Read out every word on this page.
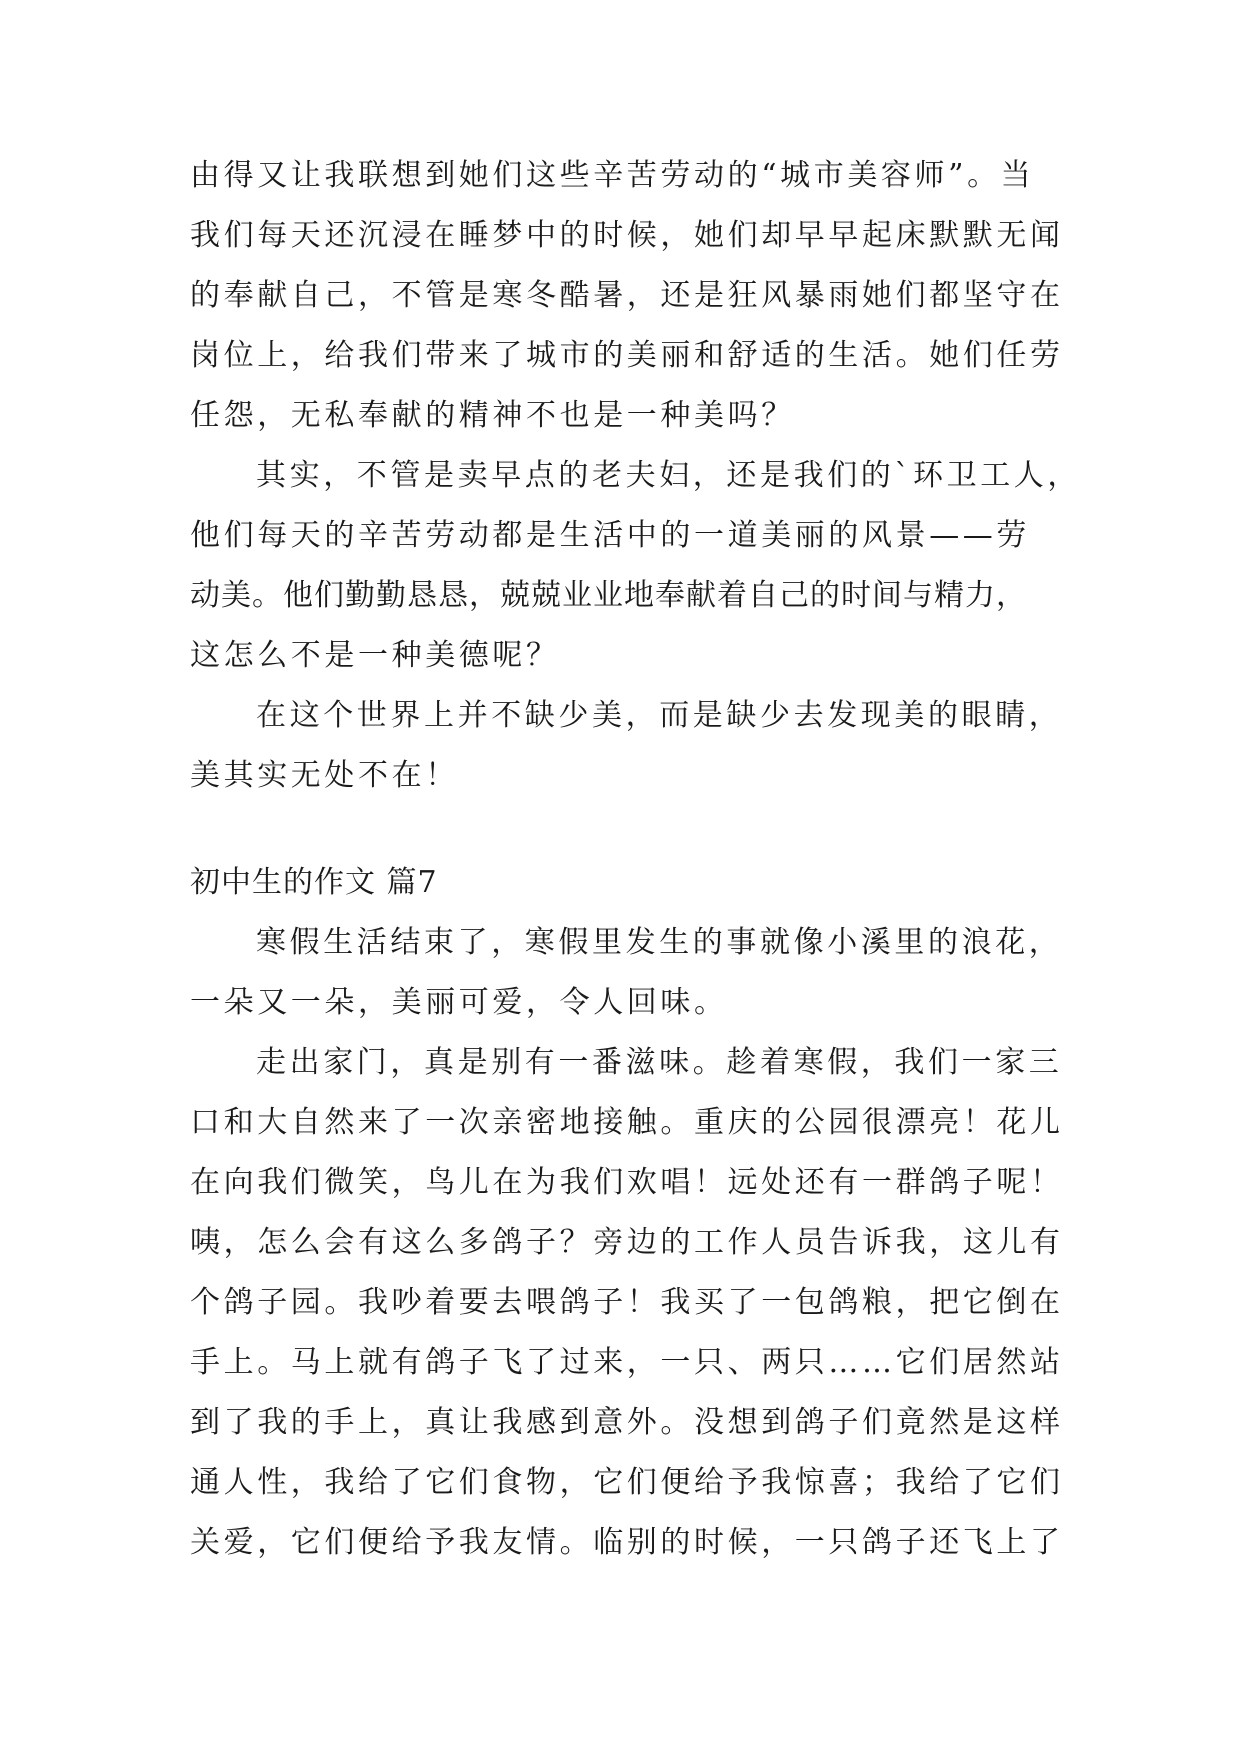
由得又让我联想到她们这些辛苦劳动的“城市美容师”。当
我们每天还沉浸在睡梦中的时候，她们却早早起床默默无闻
的奉献自己，不管是寒冬酷暑，还是狂风暴雨她们都坚守在
岗位上，给我们带来了城市的美丽和舒适的生活。她们任劳
任怨，无私奉献的精神不也是一种美吗？
其实，不管是卖早点的老夫妇，还是我们的`环卫工人，
他们每天的辛苦劳动都是生活中的一道美丽的风景——劳
动美。他们勤勤恳恳，兢兢业业地奉献着自己的时间与精力，
这怎么不是一种美德呢？
在这个世界上并不缺少美，而是缺少去发现美的眼睛，
美其实无处不在！
初中生的作文 篇7
寒假生活结束了，寒假里发生的事就像小溪里的浪花，
一朵又一朵，美丽可爱，令人回味。
走出家门，真是别有一番滋味。趁着寒假，我们一家三
口和大自然来了一次亲密地接触。重庆的公园很漂亮！花儿
在向我们微笑，鸟儿在为我们欢唱！远处还有一群鸽子呢！
咦，怎么会有这么多鸽子？旁边的工作人员告诉我，这儿有
个鸽子园。我吵着要去喂鸽子！我买了一包鸽粮，把它倒在
手上。马上就有鸽子飞了过来，一只、两只……它们居然站
到了我的手上，真让我感到意外。没想到鸽子们竟然是这样
通人性，我给了它们食物，它们便给予我惊喜；我给了它们
关爱，它们便给予我友情。临别的时候，一只鸽子还飞上了
